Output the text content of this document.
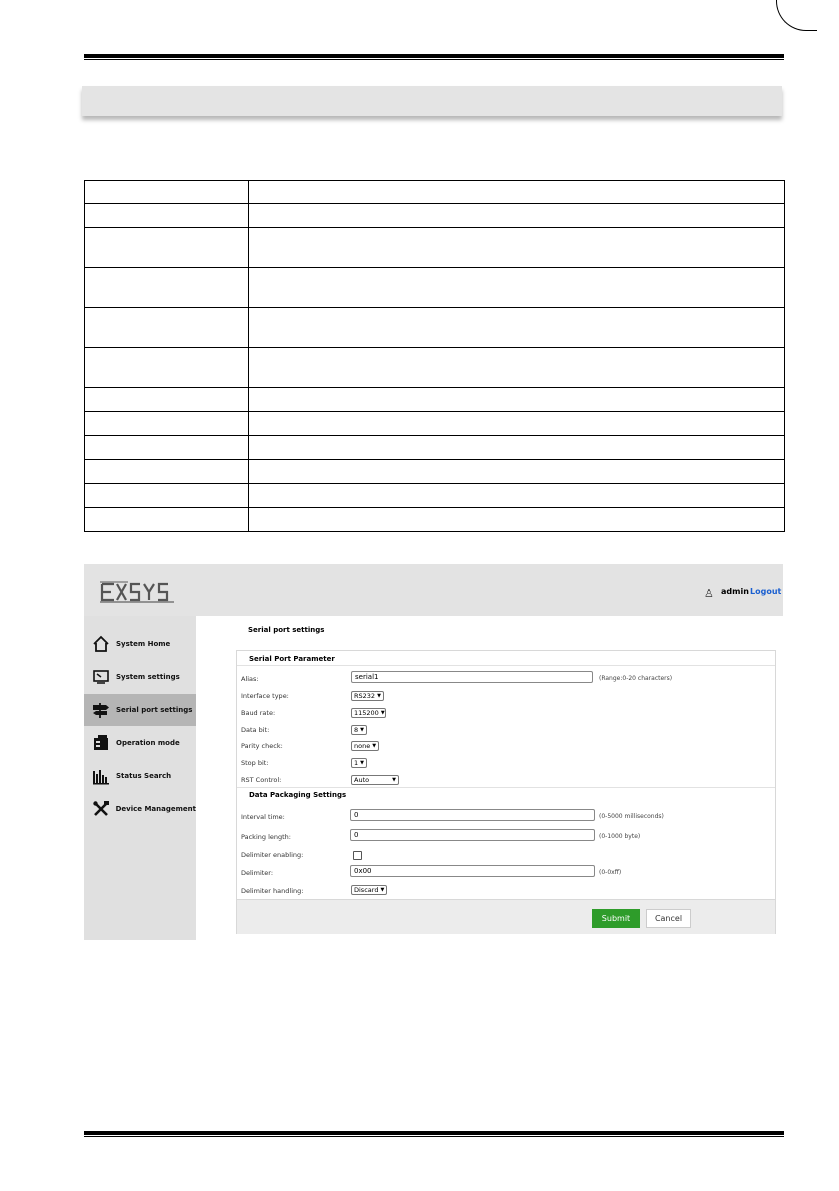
♙ admin Logout
System Home
System settings
Serial port settings
Operation mode
Status Search
Device Management
Serial port settings
Serial Port Parameter
Alias:
serial1	(Range:0-20 characters)
Interface type:	RS232 ▼
Baud rate:	115200 ▼
Data bit:	8 ▼
Parity check:	none ▼
Stop bit:	1 ▼
RST Control:	Auto	▼
Data Packaging Settings
Interval time:
0	(0-5000 milliseconds)
Packing length:
0	(0-1000 byte)
Delimiter enabling:
Delimiter:
0x00	(0-0xff)
Delimiter handling:	Discard ▼
Submit	Cancel
